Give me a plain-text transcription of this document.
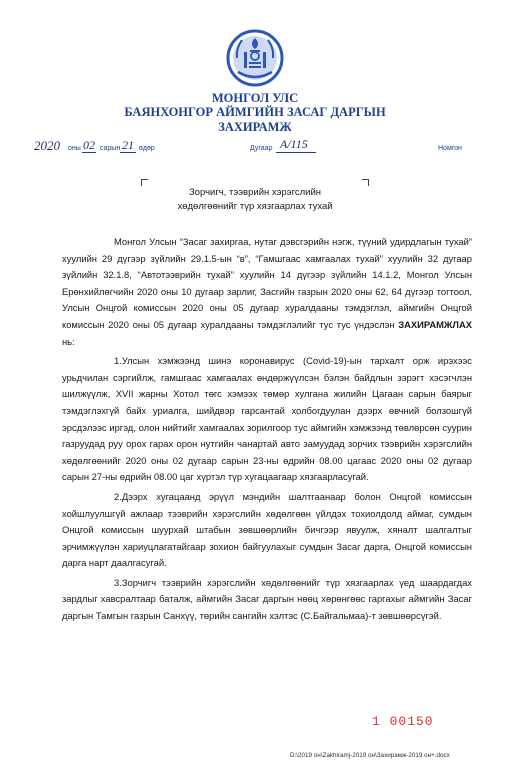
МОНГОЛ УЛС
БАЯНХОНГОР АЙМГИЙН ЗАСАГ ДАРГЫН
ЗАХИРАМЖ
2020 оны 02 сарын 21 өдөр	Дугаар А/115	Номгон
Зорчигч, тээврийн хэрэгслийн
хөдөлгөөнийг түр хязгаарлах тухай

Монгол Улсын “Засаг захиргаа, нутаг дэвсгэрийн нэгж, түүний удирдлагын тухай” хуулийн 29 дүгээр зүйлийн 29.1.5-ын “в”, “Гамшгаас хамгаалах тухай” хуулийн 32 дугаар зүйлийн 32.1.8, “Автотээврийн тухай” хуулийн 14 дүгээр зүйлийн 14.1.2, Монгол Улсын Ерөнхийлөгчийн 2020 оны 10 дугаар зарлиг, Засгийн газрын 2020 оны 62, 64 дүгээр тогтоол, Улсын Онцгой комиссын 2020 оны 05 дугаар хуралдааны тэмдэглэл, аймгийн Онцгой комиссын 2020 оны 05 дугаар хуралдааны тэмдэглэлийг тус тус үндэслэн ЗАХИРАМЖЛАХ нь:

1.Улсын хэмжээнд шинэ коронавирус (Covid-19)-ын тархалт орж ирэхээс урьдчилан сэргийлж, гамшгаас хамгаалах өндөржүүлсэн бэлэн байдлын зэрэгт хэсэгчлэн шилжүүлж, XVII жарны Хотол төгс хэмээх төмөр хулгана жилийн Цагаан сарын баярыг тэмдэглэхгүй байх уриалга, шийдвэр гарсантай холбогдуулан дээрх өвчний болзошгүй эрсдэлээс иргэд, олон нийтийг хамгаалах зорилгоор тус аймгийн хэмжээнд төвлөрсөн суурин газруудад руу орох гарах орон нутгийн чанартай авто замуудад зорчих тээврийн хэрэгслийн хөдөлгөөнийг 2020 оны 02 дугаар сарын 23-ны өдрийн 08.00 цагаас 2020 оны 02 дугаар сарын 27-ны өдрийн 08.00 цаг хүртэл түр хугацаагаар хязгаарласугай.

2.Дээрх хугацаанд эрүүл мэндийн шалтгаанаар болон Онцгой комиссын хойшлуулшгүй ажлаар тээврийн хэрэгслийн хөдөлгөөн үйлдэх тохиолдолд аймаг, сумдын Онцгой комиссын шуурхай штабын зөвшөөрлийн бичгээр явуулж, хяналт шалгалтыг эрчимжүүлэн хариуцлагатайгаар зохион байгуулахыг сумдын Засаг дарга, Онцгой комиссын дарга нарт даалгасугай.

3.Зорчигч тээврийн хэрэгслийн хөдөлгөөнийг түр хязгаарлах үед шаардагдах зардлыг хавсралтаар баталж, аймгийн Засаг даргын нөөц хөрөнгөөс гаргахыг аймгийн Засаг даргын Тамгын газрын Санхүү, төрийн сангийн хэлтэс (С.Байгальмаа)-т зөвшөөрсүгэй.

1 00150
D:\2019 он\Zakhiramj-2019 он\Захирамж-2019 он+.docx
